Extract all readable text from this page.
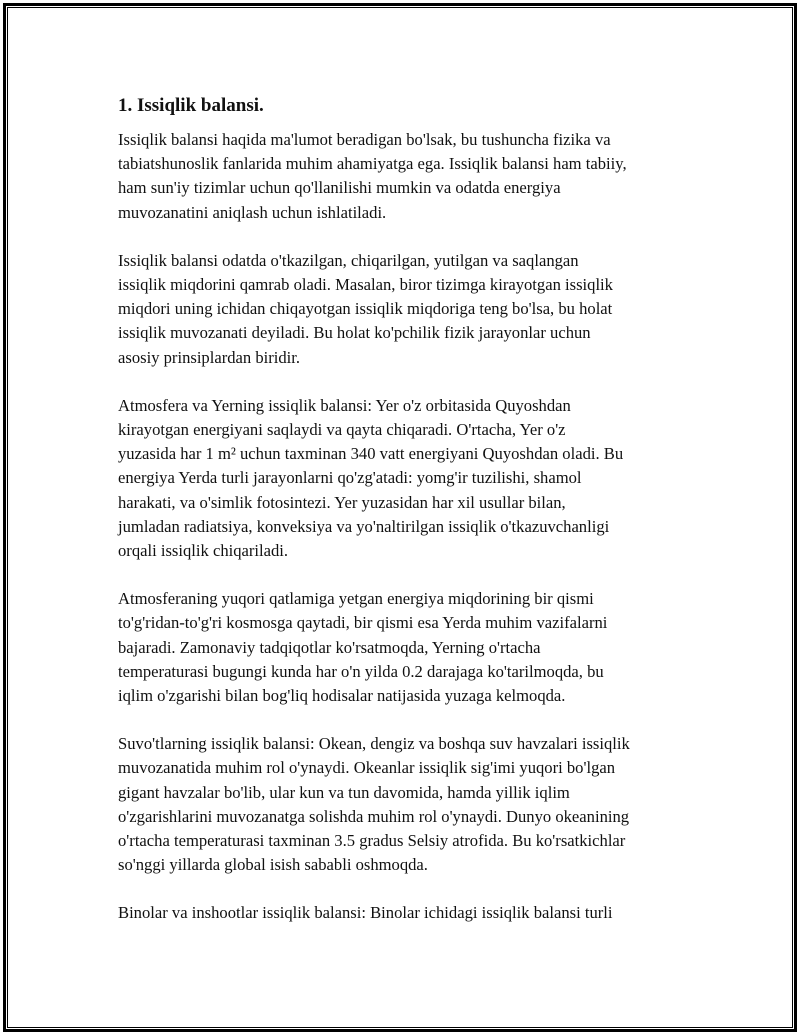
1. Issiqlik balansi.

Issiqlik balansi haqida ma'lumot beradigan bo'lsak, bu tushuncha fizika va
tabiatshunoslik fanlarida muhim ahamiyatga ega. Issiqlik balansi ham tabiiy,
ham sun'iy tizimlar uchun qo'llanilishi mumkin va odatda energiya
muvozanatini aniqlash uchun ishlatiladi.

Issiqlik balansi odatda o'tkazilgan, chiqarilgan, yutilgan va saqlangan
issiqlik miqdorini qamrab oladi. Masalan, biror tizimga kirayotgan issiqlik
miqdori uning ichidan chiqayotgan issiqlik miqdoriga teng bo'lsa, bu holat
issiqlik muvozanati deyiladi. Bu holat ko'pchilik fizik jarayonlar uchun
asosiy prinsiplardan biridir.

Atmosfera va Yerning issiqlik balansi: Yer o'z orbitasida Quyoshdan
kirayotgan energiyani saqlaydi va qayta chiqaradi. O'rtacha, Yer o'z
yuzasida har 1 m² uchun taxminan 340 vatt energiyani Quyoshdan oladi. Bu
energiya Yerda turli jarayonlarni qo'zg'atadi: yomg'ir tuzilishi, shamol
harakati, va o'simlik fotosintezi. Yer yuzasidan har xil usullar bilan,
jumladan radiatsiya, konveksiya va yo'naltirilgan issiqlik o'tkazuvchanligi
orqali issiqlik chiqariladi.

Atmosferaning yuqori qatlamiga yetgan energiya miqdorining bir qismi
to'g'ridan-to'g'ri kosmosga qaytadi, bir qismi esa Yerda muhim vazifalarni
bajaradi. Zamonaviy tadqiqotlar ko'rsatmoqda, Yerning o'rtacha
temperaturasi bugungi kunda har o'n yilda 0.2 darajaga ko'tarilmoqda, bu
iqlim o'zgarishi bilan bog'liq hodisalar natijasida yuzaga kelmoqda.

Suvo'tlarning issiqlik balansi: Okean, dengiz va boshqa suv havzalari issiqlik
muvozanatida muhim rol o'ynaydi. Okeanlar issiqlik sig'imi yuqori bo'lgan
gigant havzalar bo'lib, ular kun va tun davomida, hamda yillik iqlim
o'zgarishlarini muvozanatga solishda muhim rol o'ynaydi. Dunyo okeanining
o'rtacha temperaturasi taxminan 3.5 gradus Selsiy atrofida. Bu ko'rsatkichlar
so'nggi yillarda global isish sababli oshmoqda.

Binolar va inshootlar issiqlik balansi: Binolar ichidagi issiqlik balansi turli
